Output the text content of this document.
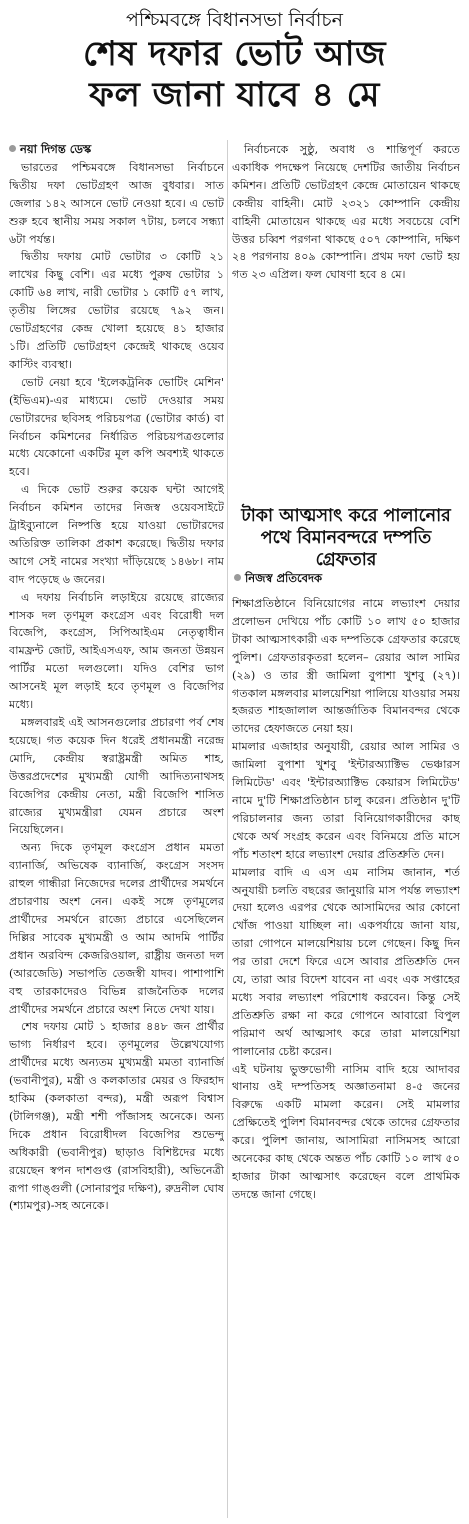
পশ্চিমবঙ্গে বিধানসভা নির্বাচন
শেষ দফার ভোট আজ
ফল জানা যাবে ৪ মে

নয়া দিগন্ত ডেস্ক

ভারতের পশ্চিমবঙ্গে বিধানসভা নির্বাচনে দ্বিতীয় দফা ভোটগ্রহণ আজ বুধবার। সাত জেলার ১৪২ আসনে ভোট নেওয়া হবে। এ ভোট শুরু হবে স্থানীয় সময় সকাল ৭টায়, চলবে সন্ধ্যা ৬টা পর্যন্ত।

দ্বিতীয় দফায় মোট ভোটার ৩ কোটি ২১ লাখের কিছু বেশি। এর মধ্যে পুরুষ ভোটার ১ কোটি ৬৪ লাখ, নারী ভোটার ১ কোটি ৫৭ লাখ, তৃতীয় লিঙ্গের ভোটার রয়েছে ৭৯২ জন। ভোটগ্রহণের কেন্দ্র খোলা হয়েছে ৪১ হাজার ১টি। প্রতিটি ভোটগ্রহণ কেন্দ্রেই থাকছে ওয়েব কাস্টিং ব্যবস্থা।

ভোট নেয়া হবে 'ইলেকট্রনিক ভোটিং মেশিন' (ইভিএম)-এর মাধ্যমে। ভোট দেওয়ার সময় ভোটারদের ছবিসহ পরিচয়পত্র (ভোটার কার্ড) বা নির্বাচন কমিশনের নির্ধারিত পরিচয়পত্রগুলোর মধ্যে যেকোনো একটির মূল কপি অবশ্যই থাকতে হবে।

এ দিকে ভোট শুরুর কয়েক ঘন্টা আগেই নির্বাচন কমিশন তাদের নিজস্ব ওয়েবসাইটে ট্রাইব্যুনালে নিষ্পত্তি হয়ে যাওয়া ভোটারদের অতিরিক্ত তালিকা প্রকাশ করেছে। দ্বিতীয় দফার আগে সেই নামের সংখ্যা দাঁড়িয়েছে ১৪৬৮। নাম বাদ পড়েছে ৬ জনের।

এ দফায় নির্বাচনি লড়াইয়ে রয়েছে রাজ্যের শাসক দল তৃণমূল কংগ্রেস এবং বিরোধী দল বিজেপি, কংগ্রেস, সিপিআইএম নেতৃত্বাধীন বামফ্রন্ট জোট, আইএসএফ, আম জনতা উন্নয়ন পার্টির মতো দলগুলো। যদিও বেশির ভাগ আসনেই মূল লড়াই হবে তৃণমূল ও বিজেপির মধ্যে।

মঙ্গলবারই এই আসনগুলোর প্রচারণা পর্ব শেষ হয়েছে। গত কয়েক দিন ধরেই প্রধানমন্ত্রী নরেন্দ্র মোদি, কেন্দ্রীয় স্বরাষ্ট্রমন্ত্রী অমিত শাহ, উত্তরপ্রদেশের মুখ্যমন্ত্রী যোগী আদিত্যনাথসহ বিজেপির কেন্দ্রীয় নেতা, মন্ত্রী বিজেপি শাসিত রাজ্যের মুখ্যমন্ত্রীরা যেমন প্রচারে অংশ নিয়েছিলেন।

অন্য দিকে তৃণমূল কংগ্রেস প্রধান মমতা ব্যানার্জি, অভিষেক ব্যানার্জি, কংগ্রেস সংসদ রাহুল গান্ধীরা নিজেদের দলের প্রার্থীদের সমর্থনে প্রচারণায় অংশ নেন। একই সঙ্গে তৃণমূলের প্রার্থীদের সমর্থনে রাজ্যে প্রচারে এসেছিলেন দিল্লির সাবেক মুখ্যমন্ত্রী ও আম আদমি পার্টির প্রধান অরবিন্দ কেজরিওয়াল, রাষ্ট্রীয় জনতা দল (আরজেডি) সভাপতি তেজস্বী যাদব। পাশাপাশি বহু তারকাদেরও বিভিন্ন রাজনৈতিক দলের প্রার্থীদের সমর্থনে প্রচারে অংশ নিতে দেখা যায়।

শেষ দফায় মোট ১ হাজার ৪৪৮ জন প্রার্থীর ভাগ্য নির্ধারণ হবে। তৃণমূলের উল্লেখযোগ্য প্রার্থীদের মধ্যে অন্যতম মুখ্যমন্ত্রী মমতা ব্যানার্জি (ভবানীপুর), মন্ত্রী ও কলকাতার মেয়র ও ফিরহাদ হাকিম (কলকাতা বন্দর), মন্ত্রী অরূপ বিশ্বাস (টালিগঞ্জ), মন্ত্রী শশী পাঁজাসহ অনেকে। অন্য দিকে প্রধান বিরোধীদল বিজেপির শুভেন্দু অধিকারী (ভবানীপুর) ছাড়াও বিশিষ্টদের মধ্যে রয়েছেন স্বপন দাশগুপ্ত (রাসবিহারী), অভিনেত্রী রূপা গাঙ্গুলী (সোনারপুর দক্ষিণ), রুদ্রনীল ঘোষ (শ্যামপুর)-সহ অনেকে।

নির্বাচনকে সুষ্ঠু, অবাধ ও শান্তিপূর্ণ করতে একাধিক পদক্ষেপ নিয়েছে দেশটির জাতীয় নির্বাচন কমিশন। প্রতিটি ভোটগ্রহণ কেন্দ্রে মোতায়েন থাকছে কেন্দ্রীয় বাহিনী। মোট ২৩২১ কোম্পানি কেন্দ্রীয় বাহিনী মোতায়েন থাকছে এর মধ্যে সবচেয়ে বেশি উত্তর চব্বিশ পরগনা থাকছে ৫০৭ কোম্পানি, দক্ষিণ ২৪ পরগনায় ৪০৯ কোম্পানি। প্রথম দফা ভোট হয় গত ২৩ এপ্রিল। ফল ঘোষণা হবে ৪ মে।

টাকা আত্মসাৎ করে পালানোর পথে বিমানবন্দরে দম্পতি গ্রেফতার
নিজস্ব প্রতিবেদক

শিক্ষাপ্রতিষ্ঠানে বিনিয়োগের নামে লভ্যাংশ দেয়ার প্রলোভন দেখিয়ে পাঁচ কোটি ১০ লাখ ৫০ হাজার টাকা আত্মসাৎকারী এক দম্পতিকে গ্রেফতার করেছে পুলিশ। গ্রেফতারকৃতরা হলেন– রেয়ার আল সামির (২৯) ও তার স্ত্রী জামিলা বুপাশা খুশবু (২৭)। গতকাল মঙ্গলবার মালয়েশিয়া পালিয়ে যাওয়ার সময় হজরত শাহজালাল আন্তর্জাতিক বিমানবন্দর থেকে তাদের হেফাজতে নেয়া হয়।

মামলার এজাহার অনুযায়ী, রেয়ার আল সামির ও জামিলা বুপাশা খুশবু 'ইন্টারঅ্যাক্টিভ ভেঞ্চারস লিমিটেড' এবং 'ইন্টারঅ্যাক্টিভ কেয়ারস লিমিটেড' নামে দু'টি শিক্ষাপ্রতিষ্ঠান চালু করেন। প্রতিষ্ঠান দু'টি পরিচালনার জন্য তারা বিনিয়োগকারীদের কাছ থেকে অর্থ সংগ্রহ করেন এবং বিনিময়ে প্রতি মাসে পাঁচ শতাংশ হারে লভ্যাংশ দেয়ার প্রতিশ্রুতি দেন।

মামলার বাদি এ এস এম নাসিম জানান, শর্ত অনুযায়ী চলতি বছরের জানুয়ারি মাস পর্যন্ত লভ্যাংশ দেয়া হলেও এরপর থেকে আসামিদের আর কোনো খোঁজ পাওয়া যাচ্ছিল না। একপর্যায়ে জানা যায়, তারা গোপনে মালয়েশিয়ায় চলে গেছেন। কিছু দিন পর তারা দেশে ফিরে এসে আবার প্রতিশ্রুতি দেন যে, তারা আর বিদেশ যাবেন না এবং এক সপ্তাহের মধ্যে সবার লভ্যাংশ পরিশোধ করবেন। কিন্তু সেই প্রতিশ্রুতি রক্ষা না করে গোপনে আবারো বিপুল পরিমাণ অর্থ আত্মসাৎ করে তারা মালয়েশিয়া পালানোর চেষ্টা করেন।

এই ঘটনায় ভুক্তভোগী নাসিম বাদি হয়ে আদাবর থানায় ওই দম্পতিসহ অজ্ঞাতনামা ৪-৫ জনের বিরুদ্ধে একটি মামলা করেন। সেই মামলার প্রেক্ষিতেই পুলিশ বিমানবন্দর থেকে তাদের গ্রেফতার করে। পুলিশ জানায়, আসামিরা নাসিমসহ আরো অনেকের কাছ থেকে অন্তত পাঁচ কোটি ১০ লাখ ৫০ হাজার টাকা আত্মসাৎ করেছেন বলে প্রাথমিক তদন্তে জানা গেছে।
